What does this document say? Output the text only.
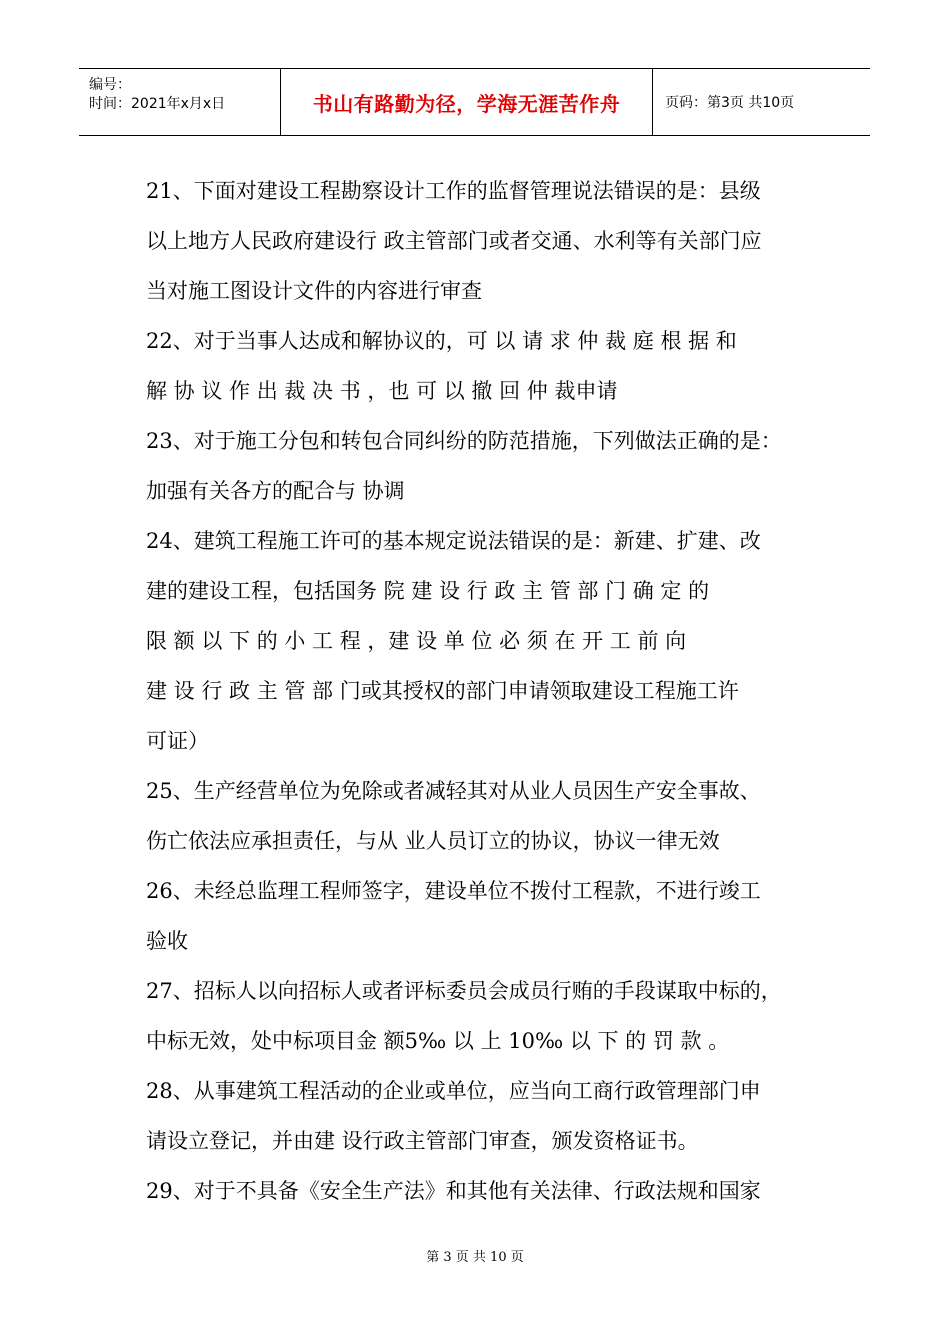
编号：
时间：2021年x月x日	书山有路勤为径，学海无涯苦作舟	页码：第3页 共10页
21、下面对建设工程勘察设计工作的监督管理说法错误的是：县级
以上地方人民政府建设行 政主管部门或者交通、水利等有关部门应
当对施工图设计文件的内容进行审查
22、对于当事人达成和解协议的，可 以 请 求 仲 裁 庭 根 据 和
解 协 议 作 出 裁 决 书 ，也 可 以 撤 回 仲 裁申请
23、对于施工分包和转包合同纠纷的防范措施，下列做法正确的是：
加强有关各方的配合与 协调
24、建筑工程施工许可的基本规定说法错误的是：新建、扩建、改
建的建设工程，包括国务 院 建 设 行 政 主 管 部 门 确 定 的
限 额 以 下 的 小 工 程 ，建 设 单 位 必 须 在 开 工 前 向
建 设 行 政 主 管 部 门或其授权的部门申请领取建设工程施工许
可证）
25、生产经营单位为免除或者减轻其对从业人员因生产安全事故、
伤亡依法应承担责任，与从 业人员订立的协议，协议一律无效
26、未经总监理工程师签字，建设单位不拨付工程款，不进行竣工
验收
27、招标人以向招标人或者评标委员会成员行贿的手段谋取中标的，
中标无效，处中标项目金 额5‰ 以 上 10‰ 以 下 的 罚 款 。
28、从事建筑工程活动的企业或单位，应当向工商行政管理部门申
请设立登记，并由建 设行政主管部门审查，颁发资格证书。
29、对于不具备《安全生产法》和其他有关法律、行政法规和国家
第 3 页 共 10 页
